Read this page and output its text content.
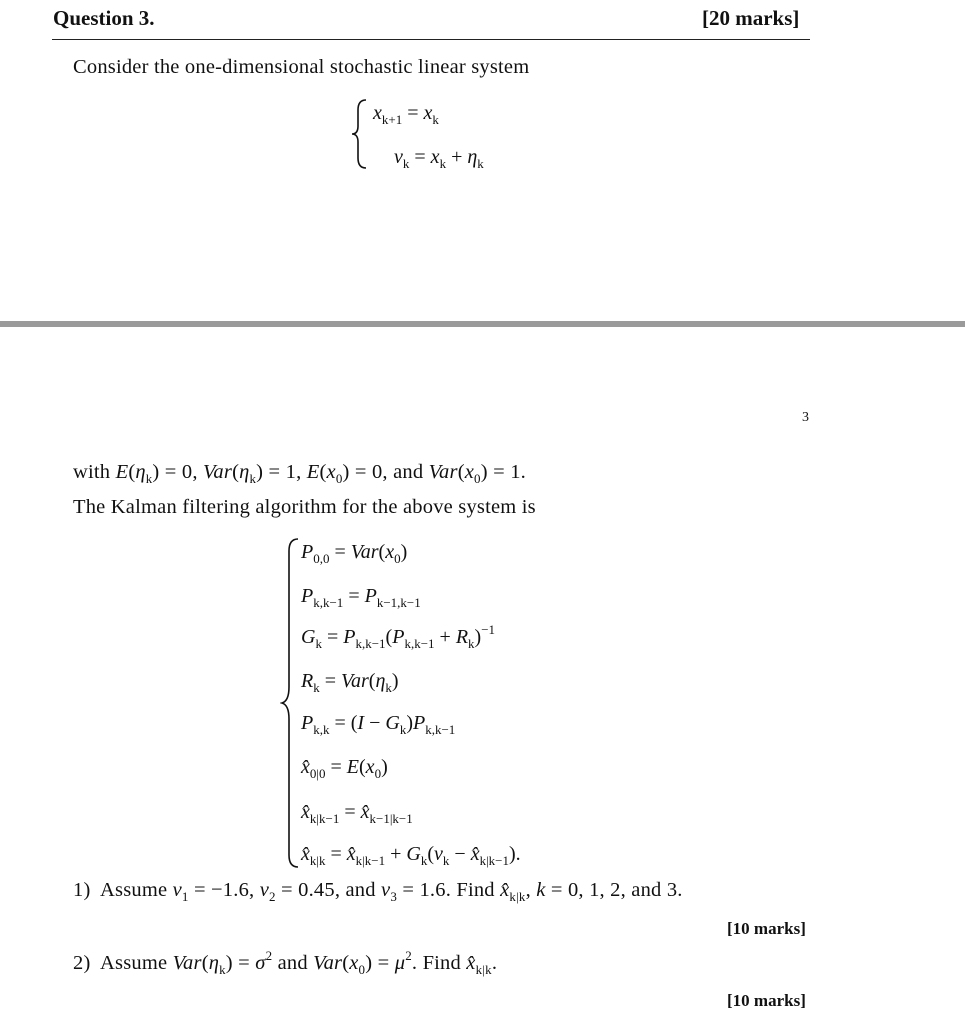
Question 3.	[20 marks]
Consider the one-dimensional stochastic linear system
$x_{k+1} = x_k$
$v_k = x_k + \eta_k$
3
with $E(\eta_k) = 0$, $Var(\eta_k) = 1$, $E(x_0) = 0$, and $Var(x_0) = 1$.
The Kalman filtering algorithm for the above system is
$P_{0,0} = Var(x_0)$
$P_{k,k-1} = P_{k-1,k-1}$
$G_k = P_{k,k-1}(P_{k,k-1} + R_k)^{-1}$
$R_k = Var(\eta_k)$
$P_{k,k} = (I - G_k)P_{k,k-1}$
$x̂_{0|0} = E(x_0)$
$x̂_{k|k-1}$ = $x̂_{k-1|k-1}$
$x̂_{k|k}$ = $x̂_{k|k-1} + G_k(v_k$ − $x̂_{k|k-1}$).
1) Assume $v_1 = -1.6$, $v_2 = 0.45$, and $v_3 = 1.6$. Find $x̂_{k|k}$, k = 0, 1, 2, and 3.
[10 marks]
2) Assume $Var(\eta_k) = \sigma^2$ and $Var(x_0) = \mu^2$. Find $x̂_{k|k}$.
[10 marks]
